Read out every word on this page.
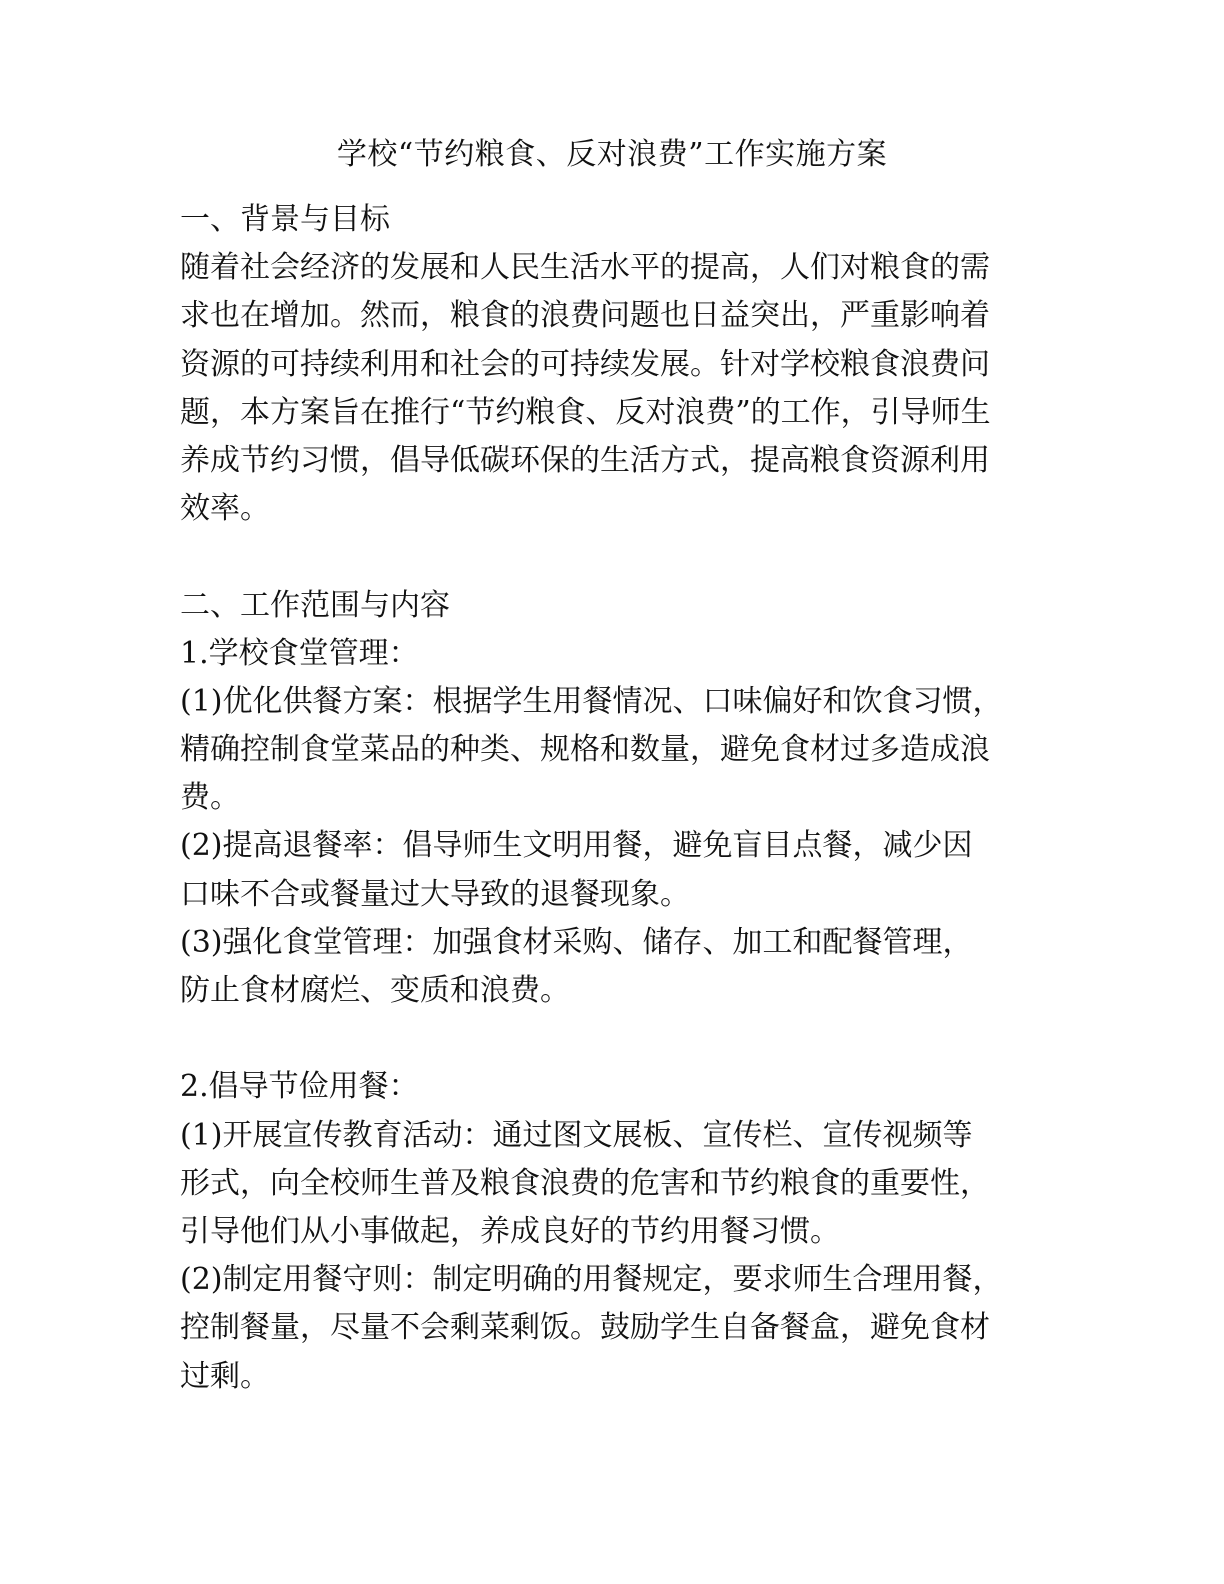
学校“节约粮食、反对浪费”工作实施方案
一、背景与目标
随着社会经济的发展和人民生活水平的提高，人们对粮食的需
求也在增加。然而，粮食的浪费问题也日益突出，严重影响着
资源的可持续利用和社会的可持续发展。针对学校粮食浪费问
题，本方案旨在推行“节约粮食、反对浪费”的工作，引导师生
养成节约习惯，倡导低碳环保的生活方式，提高粮食资源利用
效率。
二、工作范围与内容
1.学校食堂管理：
(1)优化供餐方案：根据学生用餐情况、口味偏好和饮食习惯，
精确控制食堂菜品的种类、规格和数量，避免食材过多造成浪
费。
(2)提高退餐率：倡导师生文明用餐，避免盲目点餐，减少因
口味不合或餐量过大导致的退餐现象。
(3)强化食堂管理：加强食材采购、储存、加工和配餐管理，
防止食材腐烂、变质和浪费。
2.倡导节俭用餐：
(1)开展宣传教育活动：通过图文展板、宣传栏、宣传视频等
形式，向全校师生普及粮食浪费的危害和节约粮食的重要性，
引导他们从小事做起，养成良好的节约用餐习惯。
(2)制定用餐守则：制定明确的用餐规定，要求师生合理用餐，
控制餐量，尽量不会剩菜剩饭。鼓励学生自备餐盒，避免食材
过剩。
